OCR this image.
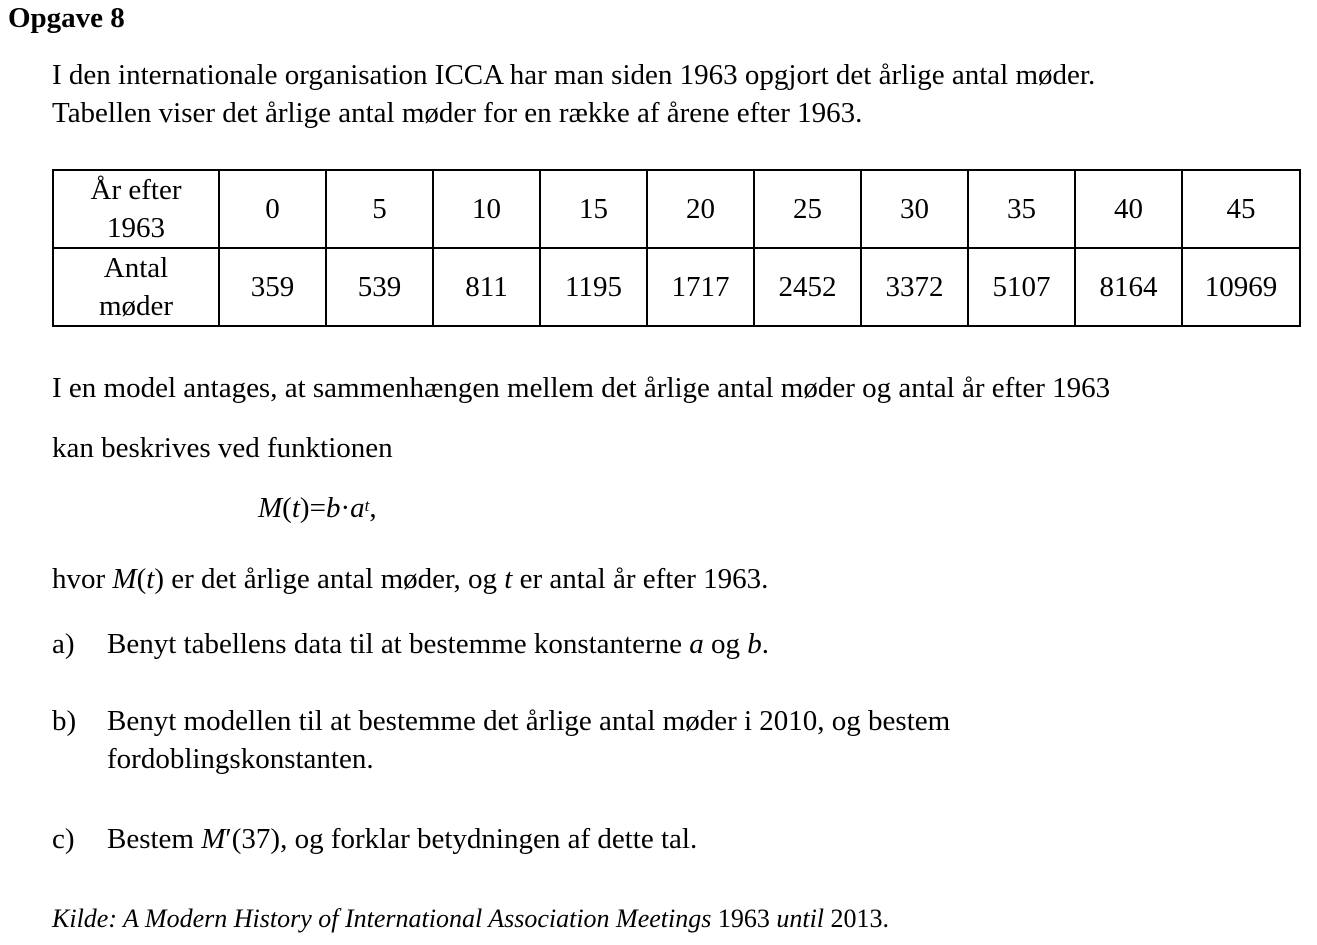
Opgave 8
I den internationale organisation ICCA har man siden 1963 opgjort det årlige antal møder.
Tabellen viser det årlige antal møder for en række af årene efter 1963.
År efter
1963	0	5	10	15	20	25	30	35	40	45

Antal
møder	359	539	811	1195	1717	2452	3372	5107	8164	10969
I en model antages, at sammenhængen mellem det årlige antal møder og antal år efter 1963
kan beskrives ved funktionen
$M(t)=b\cdot a^t$,
hvor M(t) er det årlige antal møder, og t er antal år efter 1963.
a) Benyt tabellens data til at bestemme konstanterne a og b.
b) Benyt modellen til at bestemme det årlige antal møder i 2010, og bestem
fordoblingskonstanten.
c) Bestem M′(37), og forklar betydningen af dette tal.
Kilde: A Modern History of International Association Meetings 1963 until 2013.
